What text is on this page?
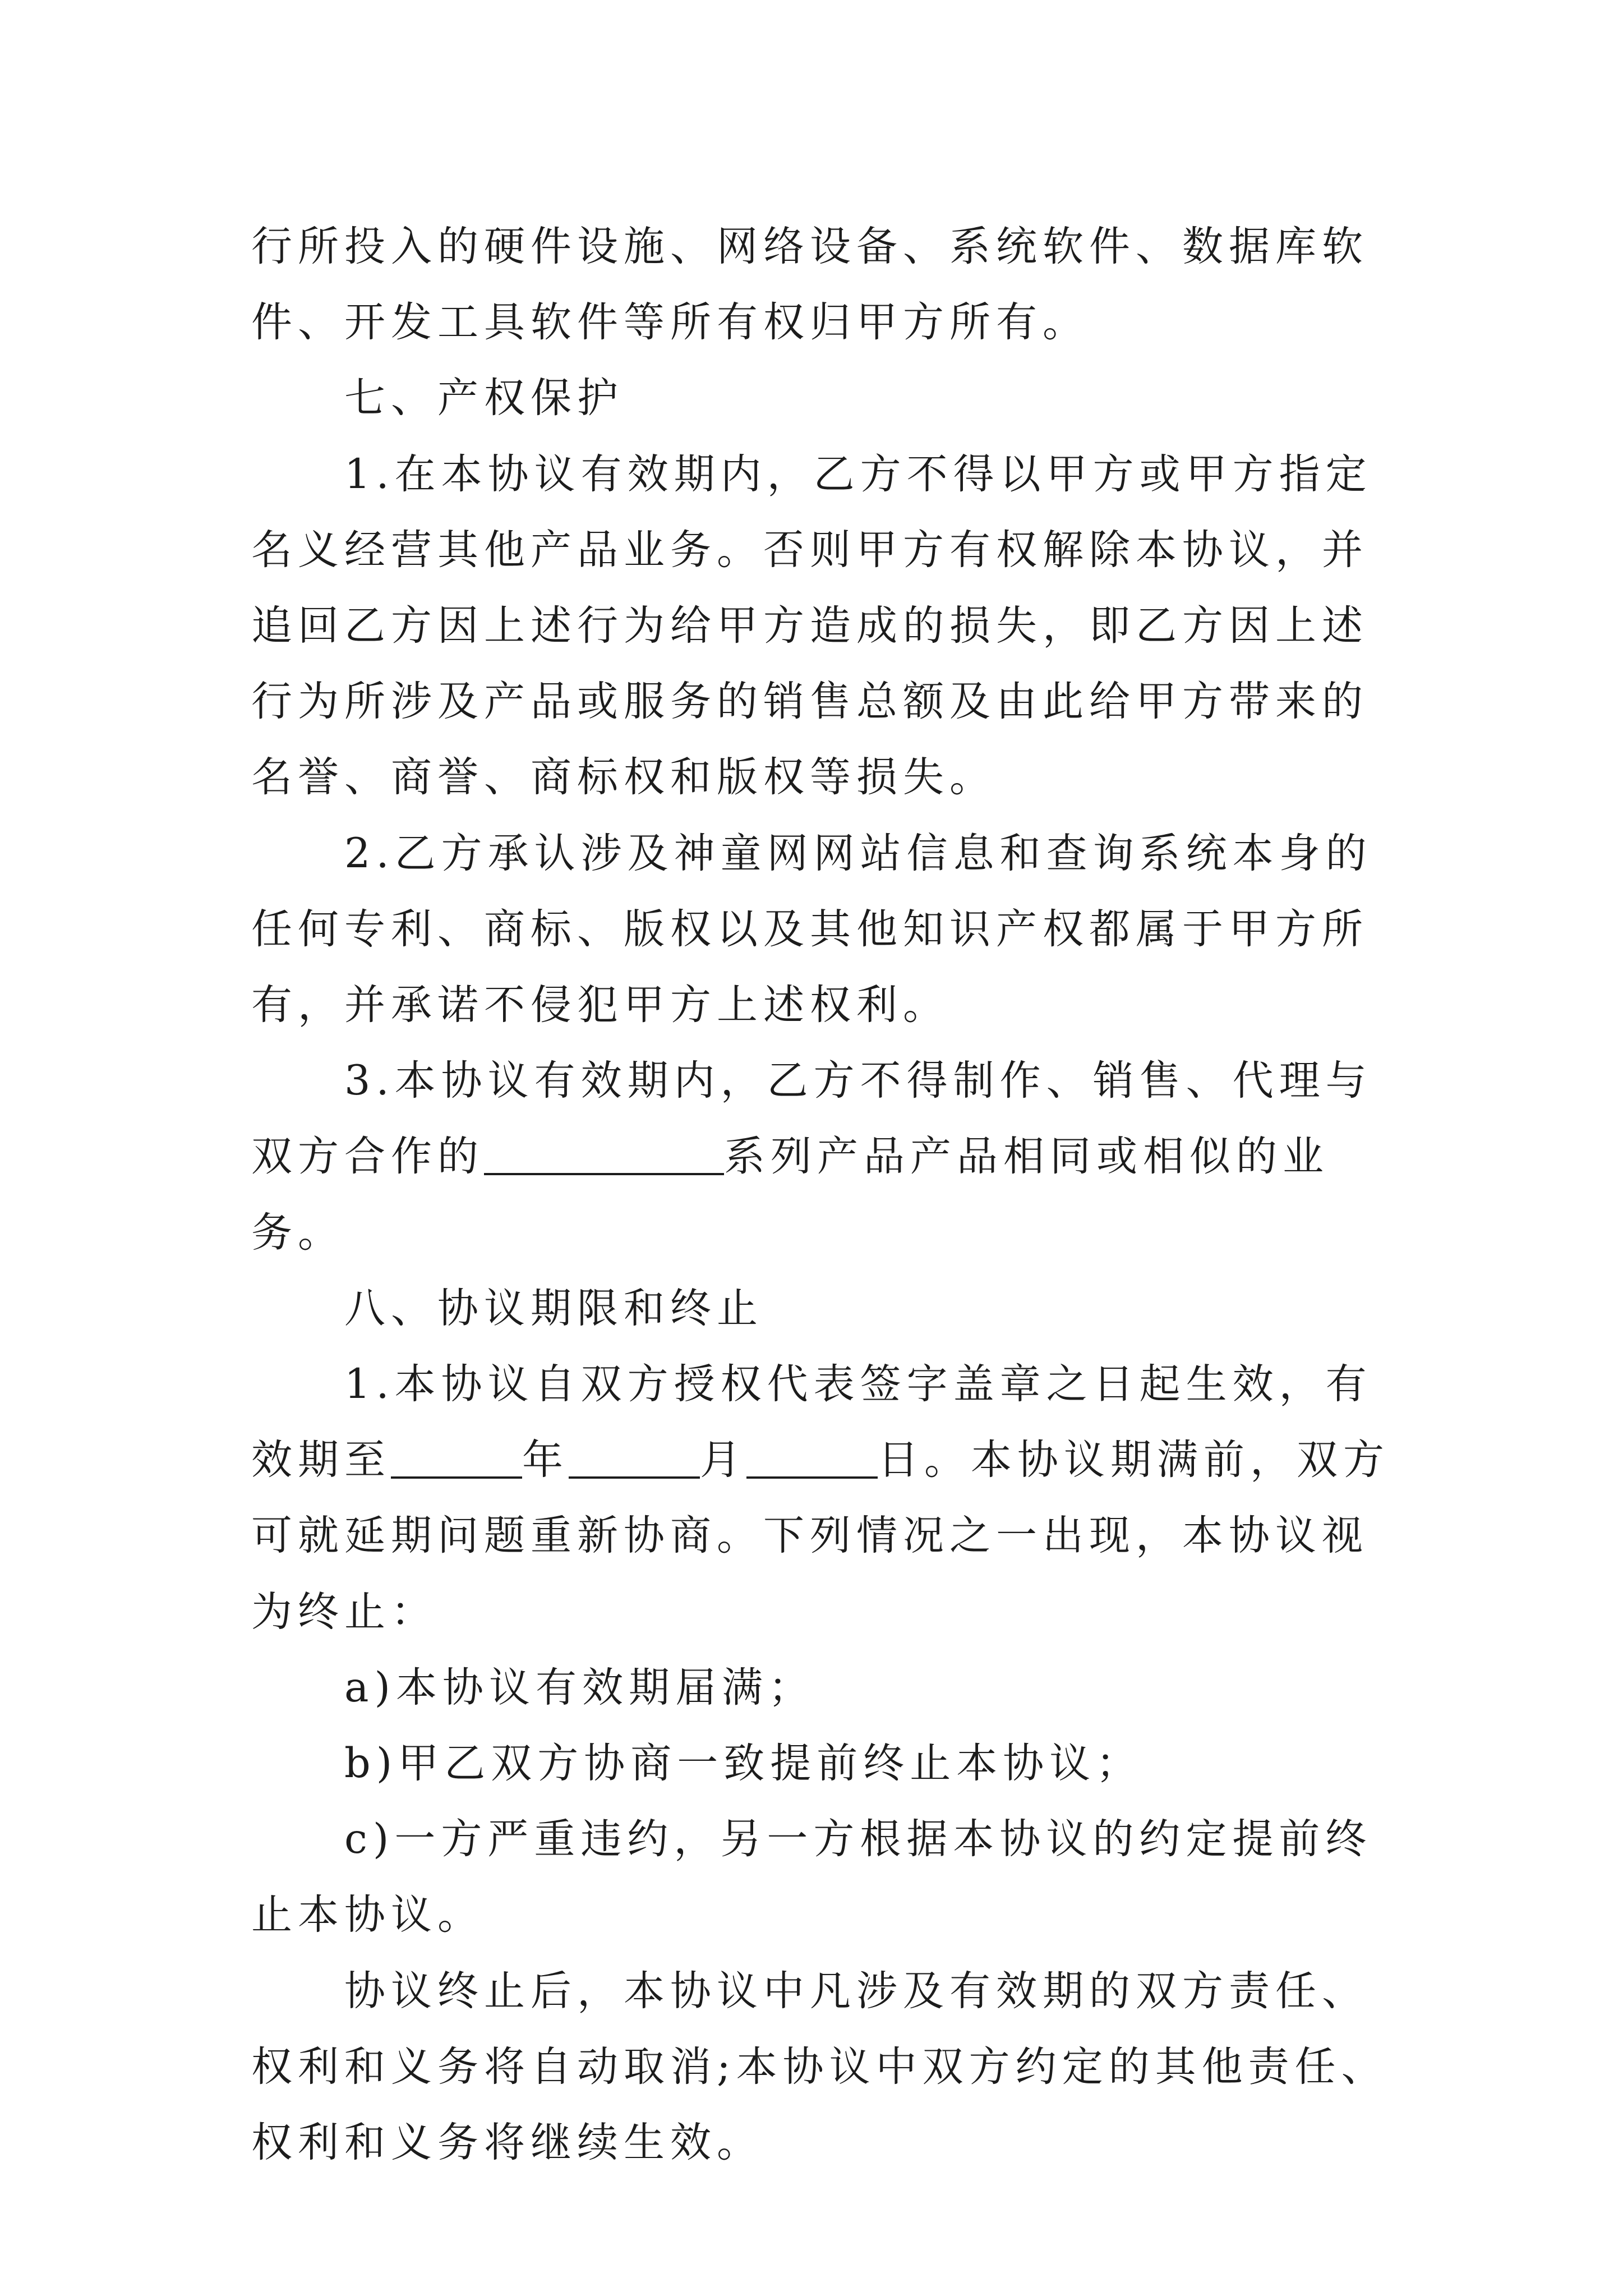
行所投入的硬件设施、网络设备、系统软件、数据库软件、开发工具软件等所有权归甲方所有。

七、产权保护

1.在本协议有效期内，乙方不得以甲方或甲方指定名义经营其他产品业务。否则甲方有权解除本协议，并追回乙方因上述行为给甲方造成的损失，即乙方因上述行为所涉及产品或服务的销售总额及由此给甲方带来的名誉、商誉、商标权和版权等损失。

2.乙方承认涉及神童网网站信息和查询系统本身的任何专利、商标、版权以及其他知识产权都属于甲方所有，并承诺不侵犯甲方上述权利。

3.本协议有效期内，乙方不得制作、销售、代理与双方合作的	系列产品产品相同或相似的业务。

八、协议期限和终止

1.本协议自双方授权代表签字盖章之日起生效，有效期至	年	月	日。本协议期满前，双方可就延期问题重新协商。下列情况之一出现，本协议视为终止：

a)本协议有效期届满；

b)甲乙双方协商一致提前终止本协议；

c)一方严重违约，另一方根据本协议的约定提前终止本协议。

协议终止后，本协议中凡涉及有效期的双方责任、权利和义务将自动取消;本协议中双方约定的其他责任、权利和义务将继续生效。
